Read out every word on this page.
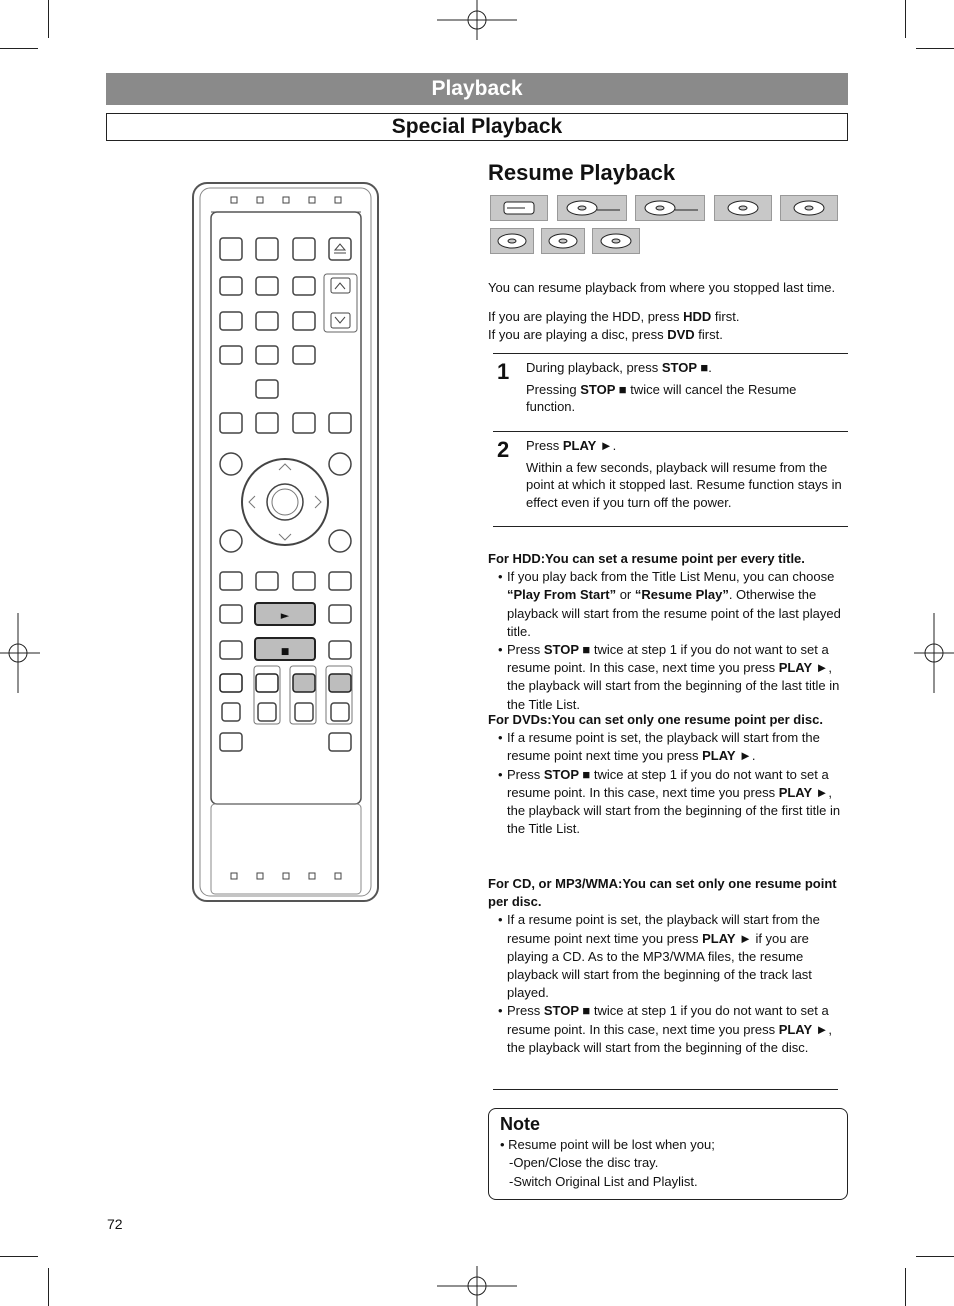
Playback
Special Playback
►
■
Resume Playback
You can resume playback from where you stopped last time.
If you are playing the HDD, press HDD first.
If you are playing a disc, press DVD first.
1 During playback, press STOP ■.

Pressing STOP ■ twice will cancel the Resume function.

2 Press PLAY ►.

Within a few seconds, playback will resume from the point at which it stopped last. Resume function stays in effect even if you turn off the power.

For HDD:You can set a resume point per every title.
• If you play back from the Title List Menu, you can choose “Play From Start” or “Resume Play”. Otherwise the playback will start from the resume point of the last played title.
• Press STOP ■ twice at step 1 if you do not want to set a resume point. In this case, next time you press PLAY ►, the playback will start from the beginning of the last title in the Title List.
For DVDs:You can set only one resume point per disc.
• If a resume point is set, the playback will start from the resume point next time you press PLAY ►.
• Press STOP ■ twice at step 1 if you do not want to set a resume point. In this case, next time you press PLAY ►, the playback will start from the beginning of the first title in the Title List.
For CD, or MP3/WMA:You can set only one resume point per disc.
• If a resume point is set, the playback will start from the resume point next time you press PLAY ► if you are playing a CD. As to the MP3/WMA files, the resume playback will start from the beginning of the track last played.
• Press STOP ■ twice at step 1 if you do not want to set a resume point. In this case, next time you press PLAY ►, the playback will start from the beginning of the disc.
Note
• Resume point will be lost when you;
-Open/Close the disc tray.
-Switch Original List and Playlist.
72
